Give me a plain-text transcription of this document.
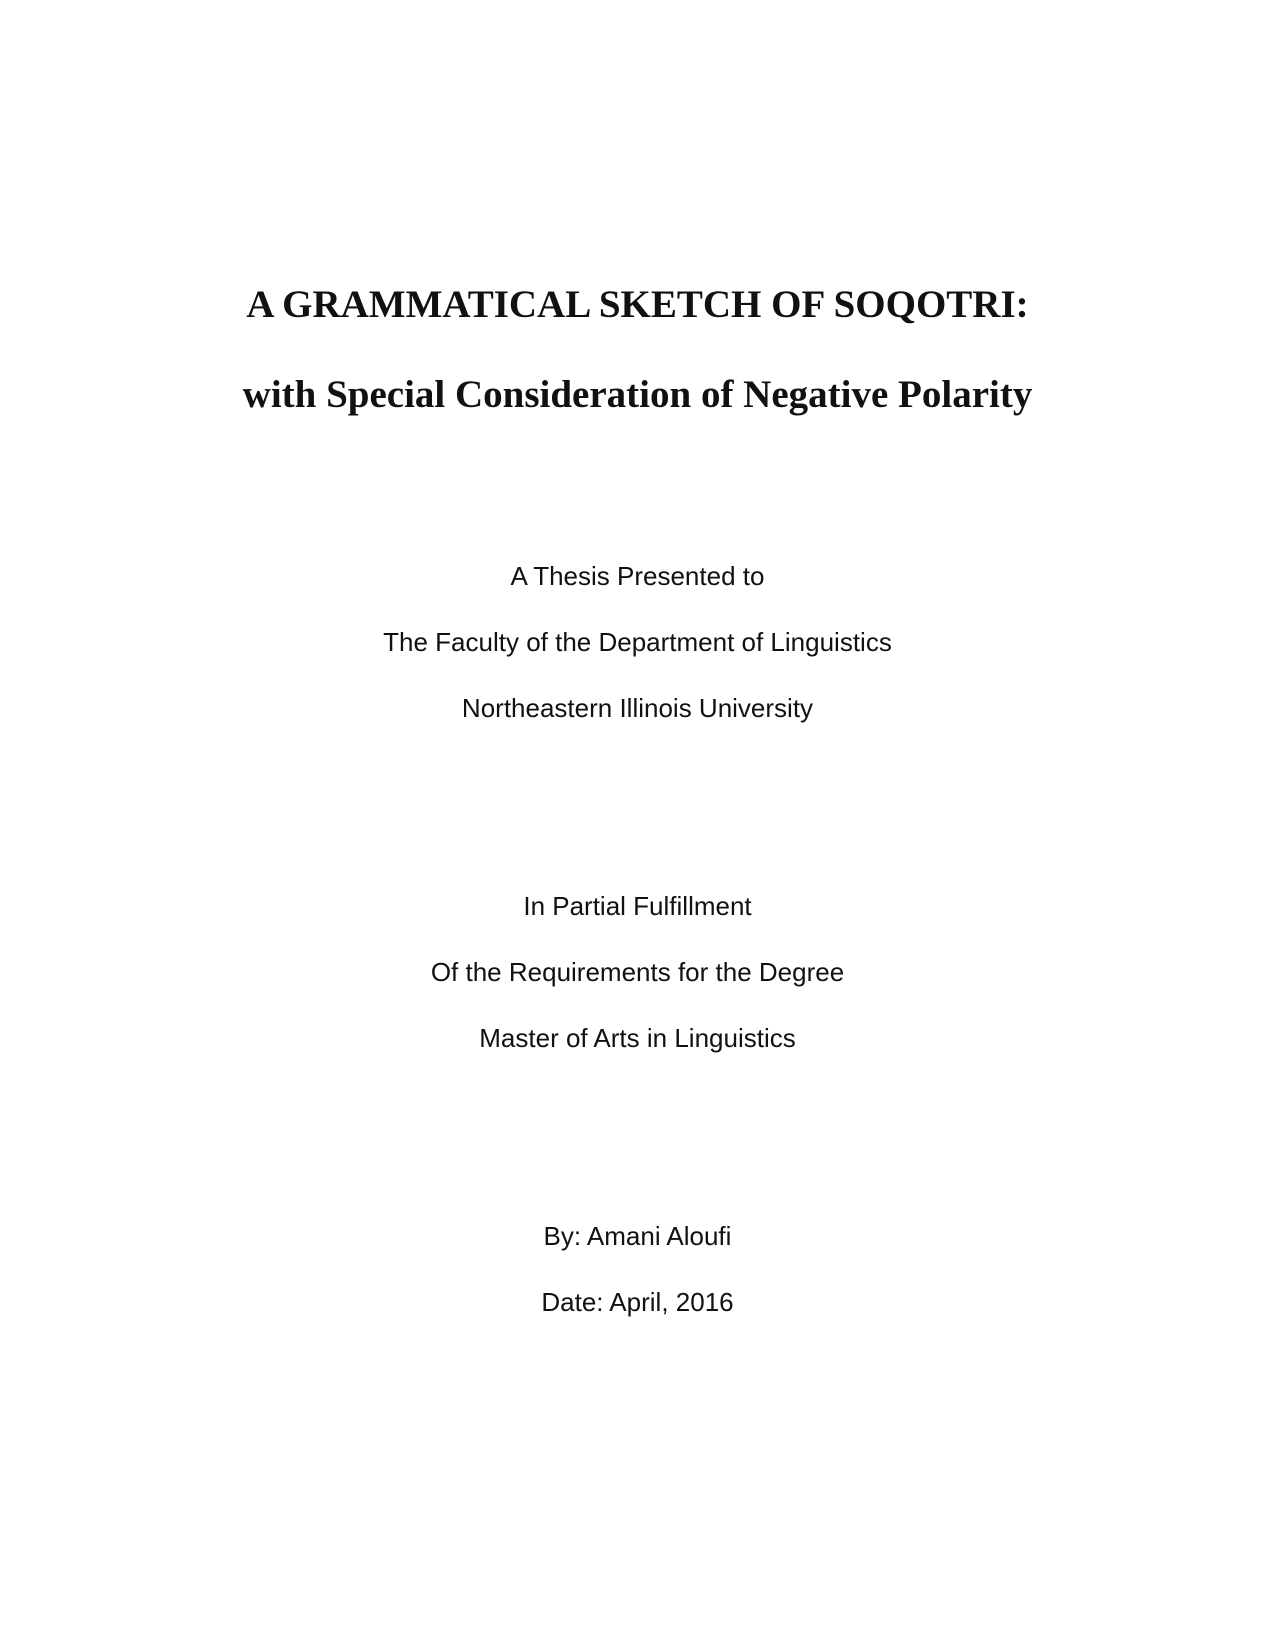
A GRAMMATICAL SKETCH OF SOQOTRI:
with Special Consideration of Negative Polarity

A Thesis Presented to

The Faculty of the Department of Linguistics

Northeastern Illinois University

In Partial Fulfillment

Of the Requirements for the Degree

Master of Arts in Linguistics

By: Amani Aloufi

Date: April, 2016
